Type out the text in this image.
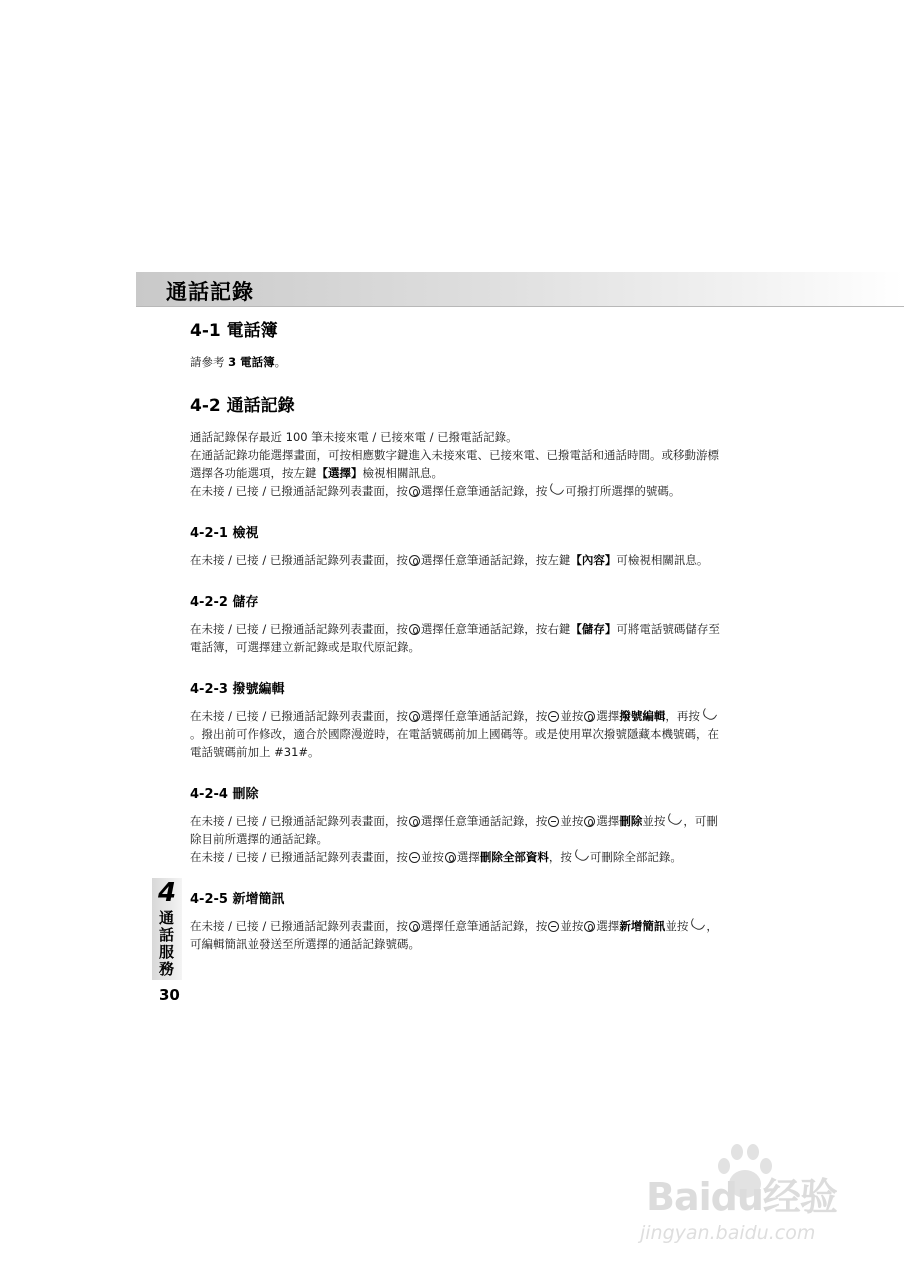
通話記錄
4-1 電話簿

請參考 3 電話簿。

4-2 通話記錄

通話記錄保存最近 100 筆未接來電 / 已接來電 / 已撥電話記錄。

在通話記錄功能選擇畫面，可按相應數字鍵進入未接來電、已接來電、已撥電話和通話時間。或移動游標選擇各功能選項，按左鍵【選擇】檢視相關訊息。

在未接 / 已接 / 已撥通話記錄列表畫面，按 選擇任意筆通話記錄，按 可撥打所選擇的號碼。

4-2-1 檢視

在未接 / 已接 / 已撥通話記錄列表畫面，按 選擇任意筆通話記錄，按左鍵【內容】可檢視相關訊息。

4-2-2 儲存

在未接 / 已接 / 已撥通話記錄列表畫面，按 選擇任意筆通話記錄，按右鍵【儲存】可將電話號碼儲存至電話簿，可選擇建立新記錄或是取代原記錄。

4-2-3 撥號編輯

在未接 / 已接 / 已撥通話記錄列表畫面，按 選擇任意筆通話記錄，按 並按 選擇撥號編輯，再按。撥出前可作修改，適合於國際漫遊時，在電話號碼前加上國碼等。或是使用單次撥號隱藏本機號碼，在電話號碼前加上 #31#。

4-2-4 刪除

在未接 / 已接 / 已撥通話記錄列表畫面，按 選擇任意筆通話記錄，按 並按 選擇刪除並按 ，可刪除目前所選擇的通話記錄。

在未接 / 已接 / 已撥通話記錄列表畫面，按 並按 選擇刪除全部資料，按 可刪除全部記錄。

4-2-5 新增簡訊

在未接 / 已接 / 已撥通話記錄列表畫面，按 選擇任意筆通話記錄，按 並按 選擇新增簡訊並按 ，可編輯簡訊並發送至所選擇的通話記錄號碼。

4
通話服務
30
Baidu经验
jingyan.baidu.com
